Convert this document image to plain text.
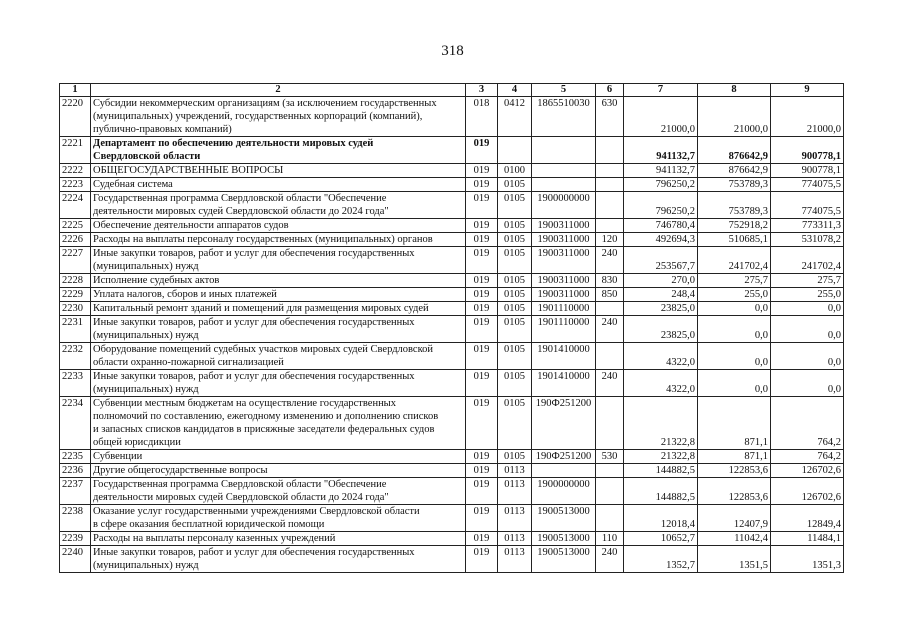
318
1	2	3	4	5	6	7	8	9
2220	Субсидии некоммерческим организациям (за исключением государственных
(муниципальных) учреждений, государственных корпораций (компаний),
публично-правовых компаний)	018	0412	1865510030	630	21000,0	21000,0	21000,0
2221	Департамент по обеспечению деятельности мировых судей
Свердловской области	019				941132,7	876642,9	900778,1
2222	ОБЩЕГОСУДАРСТВЕННЫЕ ВОПРОСЫ	019	0100			941132,7	876642,9	900778,1
2223	Судебная система	019	0105			796250,2	753789,3	774075,5
2224	Государственная программа Свердловской области "Обеспечение
деятельности мировых судей Свердловской области до 2024 года"	019	0105	1900000000		796250,2	753789,3	774075,5
2225	Обеспечение деятельности аппаратов судов	019	0105	1900311000		746780,4	752918,2	773311,3
2226	Расходы на выплаты персоналу государственных (муниципальных) органов	019	0105	1900311000	120	492694,3	510685,1	531078,2
2227	Иные закупки товаров, работ и услуг для обеспечения государственных
(муниципальных) нужд	019	0105	1900311000	240	253567,7	241702,4	241702,4
2228	Исполнение судебных актов	019	0105	1900311000	830	270,0	275,7	275,7
2229	Уплата налогов, сборов и иных платежей	019	0105	1900311000	850	248,4	255,0	255,0
2230	Капитальный ремонт зданий и помещений для размещения мировых судей	019	0105	1901110000		23825,0	0,0	0,0
2231	Иные закупки товаров, работ и услуг для обеспечения государственных
(муниципальных) нужд	019	0105	1901110000	240	23825,0	0,0	0,0
2232	Оборудование помещений судебных участков мировых судей Свердловской
области охранно-пожарной сигнализацией	019	0105	1901410000		4322,0	0,0	0,0
2233	Иные закупки товаров, работ и услуг для обеспечения государственных
(муниципальных) нужд	019	0105	1901410000	240	4322,0	0,0	0,0
2234	Субвенции местным бюджетам на осуществление государственных
полномочий по составлению, ежегодному изменению и дополнению списков
и запасных списков кандидатов в присяжные заседатели федеральных судов
общей юрисдикции	019	0105	190Ф251200		21322,8	871,1	764,2
2235	Субвенции	019	0105	190Ф251200	530	21322,8	871,1	764,2
2236	Другие общегосударственные вопросы	019	0113			144882,5	122853,6	126702,6
2237	Государственная программа Свердловской области "Обеспечение
деятельности мировых судей Свердловской области до 2024 года"	019	0113	1900000000		144882,5	122853,6	126702,6
2238	Оказание услуг государственными учреждениями Свердловской области
в сфере оказания бесплатной юридической помощи	019	0113	1900513000		12018,4	12407,9	12849,4
2239	Расходы на выплаты персоналу казенных учреждений	019	0113	1900513000	110	10652,7	11042,4	11484,1
2240	Иные закупки товаров, работ и услуг для обеспечения государственных
(муниципальных) нужд	019	0113	1900513000	240	1352,7	1351,5	1351,3
